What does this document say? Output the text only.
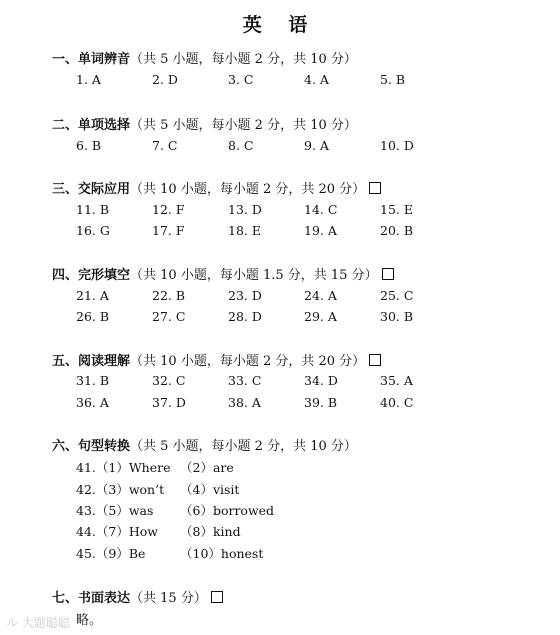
英 语
一、单词辨音 （共 5 小题，每小题 2 分，共 10 分）
1. A	2. D	3. C	4. A	5. B
二、单项选择 （共 5 小题，每小题 2 分，共 10 分）
6. B	7. C	8. C	9. A	10. D
三、交际应用 （共 10 小题，每小题 2 分，共 20 分）
11. B	12. F	13. D	14. C	15. E
16. G	17. F	18. E	19. A	20. B
四、完形填空 （共 10 小题，每小题 1.5 分，共 15 分）
21. A	22. B	23. D	24. A	25. C
26. B	27. C	28. D	29. A	30. B
五、阅读理解 （共 10 小题，每小题 2 分，共 20 分）
31. B	32. C	33. C	34. D	35. A
36. A	37. D	38. A	39. B	40. C
六、句型转换 （共 5 小题，每小题 2 分，共 10 分）
41.（1）Where （2）are
42.（3）won’t （4）visit
43.（5）was （6）borrowed
44.（7）How （8）kind
45.（9）Be	（10）honest
七、书面表达 （共 15 分）
略。
ル 大题聪聪
